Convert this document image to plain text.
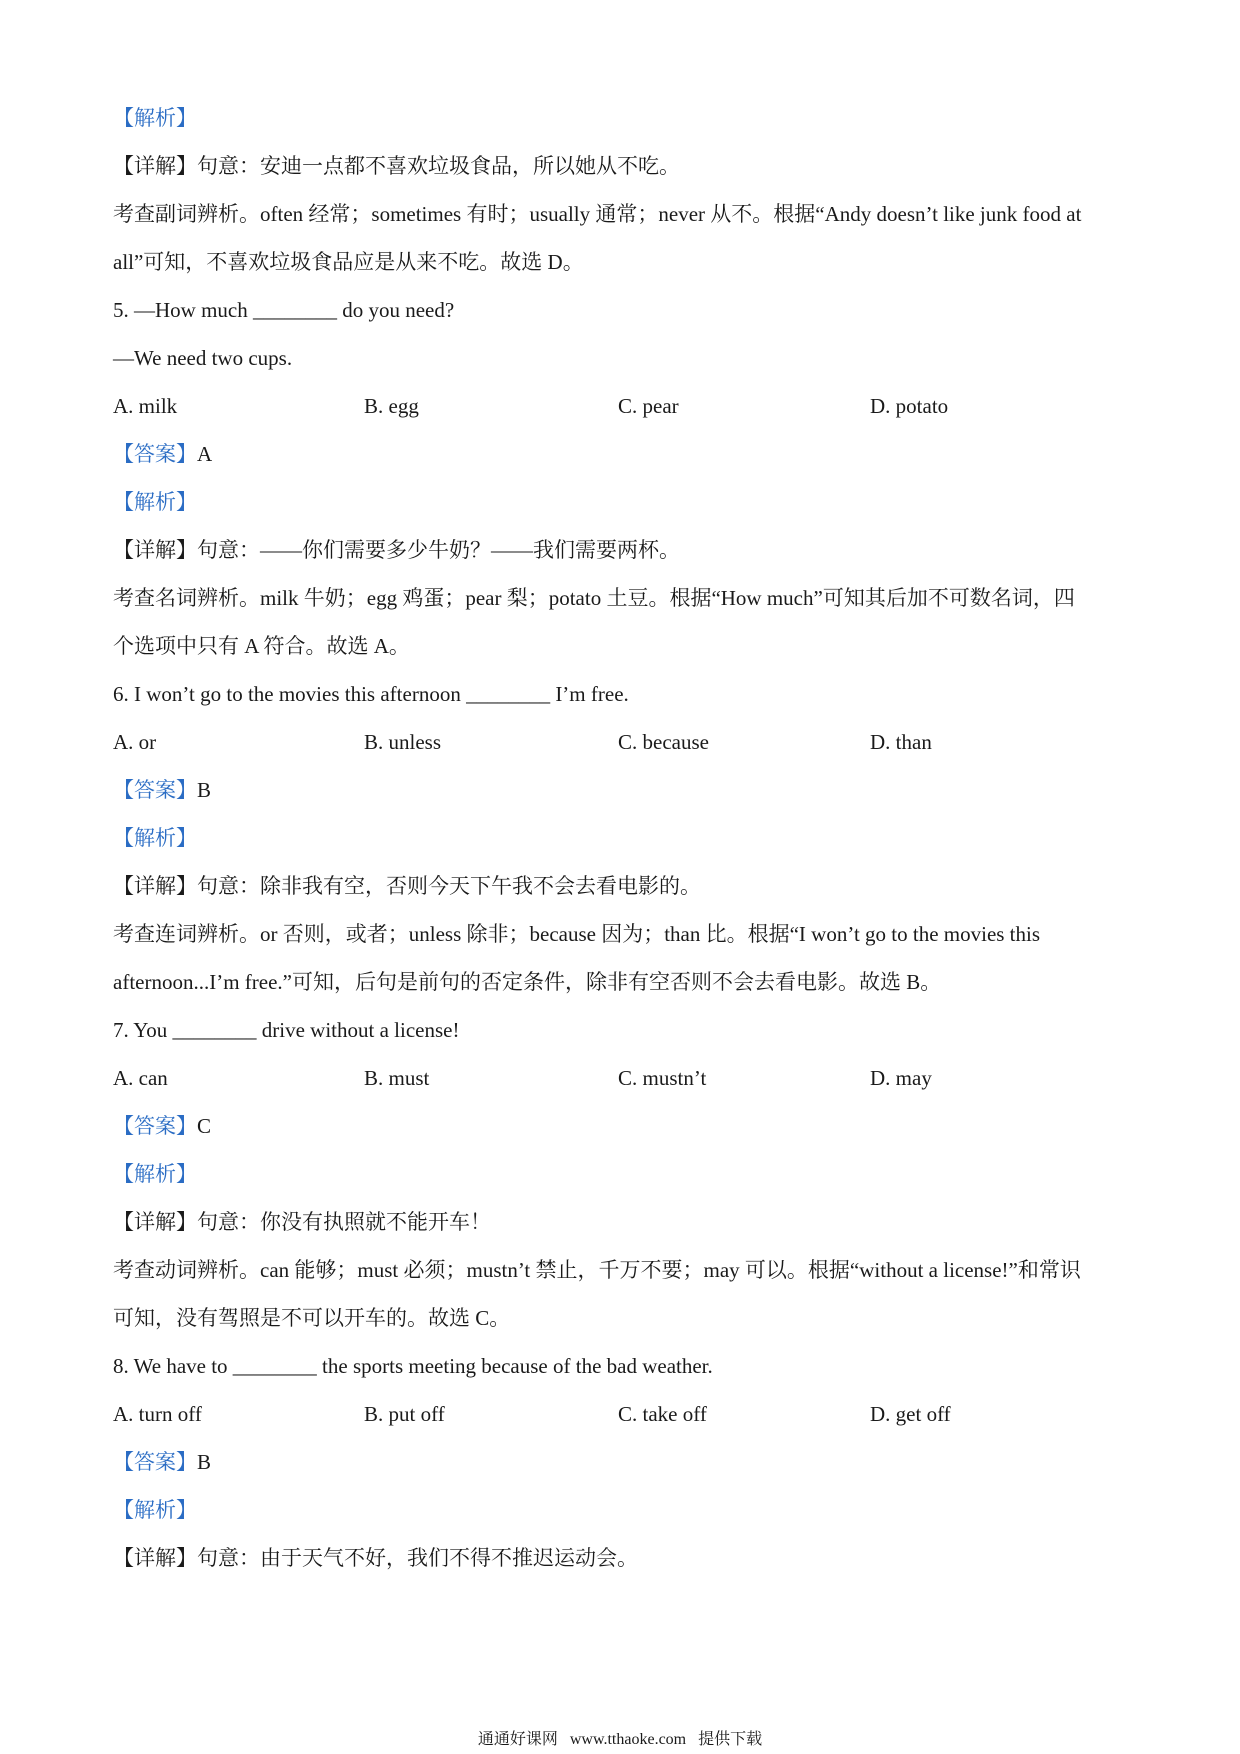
【解析】
【详解】句意：安迪一点都不喜欢垃圾食品，所以她从不吃。
考查副词辨析。often 经常；sometimes 有时；usually 通常；never 从不。根据“Andy doesn’t like junk food at
all”可知，不喜欢垃圾食品应是从来不吃。故选 D。
5. —How much ________ do you need?
—We need two cups.
A. milk	B. egg	C. pear	D. potato
【答案】A
【解析】
【详解】句意：——你们需要多少牛奶？——我们需要两杯。
考查名词辨析。milk 牛奶；egg 鸡蛋；pear 梨；potato 土豆。根据“How much”可知其后加不可数名词，四
个选项中只有 A 符合。故选 A。
6. I won’t go to the movies this afternoon ________ I’m free.
A. or	B. unless	C. because	D. than
【答案】B
【解析】
【详解】句意：除非我有空，否则今天下午我不会去看电影的。
考查连词辨析。or 否则，或者；unless 除非；because 因为；than 比。根据“I won’t go to the movies this
afternoon...I’m free.”可知，后句是前句的否定条件，除非有空否则不会去看电影。故选 B。
7. You ________ drive without a license!
A. can	B. must	C. mustn’t	D. may
【答案】C
【解析】
【详解】句意：你没有执照就不能开车！
考查动词辨析。can 能够；must 必须；mustn’t 禁止，千万不要；may 可以。根据“without a license!”和常识
可知，没有驾照是不可以开车的。故选 C。
8. We have to ________ the sports meeting because of the bad weather.
A. turn off	B. put off	C. take off	D. get off
【答案】B
【解析】
【详解】句意：由于天气不好，我们不得不推迟运动会。
通通好课网 www.tthaoke.com 提供下载
